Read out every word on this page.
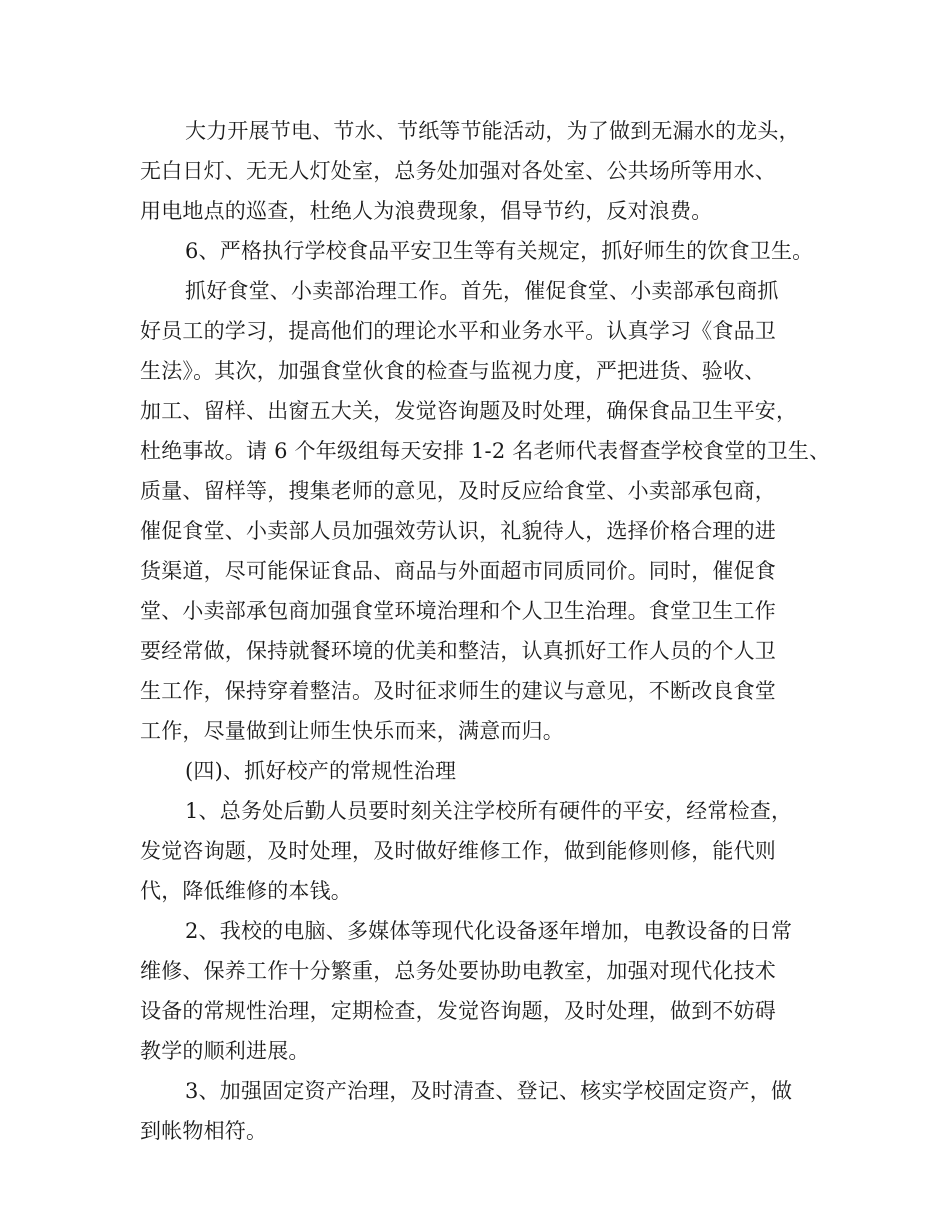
大力开展节电、节水、节纸等节能活动，为了做到无漏水的龙头，
无白日灯、无无人灯处室，总务处加强对各处室、公共场所等用水、
用电地点的巡查，杜绝人为浪费现象，倡导节约，反对浪费。
6、严格执行学校食品平安卫生等有关规定，抓好师生的饮食卫生。
抓好食堂、小卖部治理工作。首先，催促食堂、小卖部承包商抓
好员工的学习，提高他们的理论水平和业务水平。认真学习《食品卫
生法》。其次，加强食堂伙食的检查与监视力度，严把进货、验收、
加工、留样、出窗五大关，发觉咨询题及时处理，确保食品卫生平安，
杜绝事故。请 6 个年级组每天安排 1-2 名老师代表督查学校食堂的卫生、
质量、留样等，搜集老师的意见，及时反应给食堂、小卖部承包商，
催促食堂、小卖部人员加强效劳认识，礼貌待人，选择价格合理的进
货渠道，尽可能保证食品、商品与外面超市同质同价。同时，催促食
堂、小卖部承包商加强食堂环境治理和个人卫生治理。食堂卫生工作
要经常做，保持就餐环境的优美和整洁，认真抓好工作人员的个人卫
生工作，保持穿着整洁。及时征求师生的建议与意见，不断改良食堂
工作，尽量做到让师生快乐而来，满意而归。
(四)、抓好校产的常规性治理
1、总务处后勤人员要时刻关注学校所有硬件的平安，经常检查，
发觉咨询题，及时处理，及时做好维修工作，做到能修则修，能代则
代，降低维修的本钱。
2、我校的电脑、多媒体等现代化设备逐年增加，电教设备的日常
维修、保养工作十分繁重，总务处要协助电教室，加强对现代化技术
设备的常规性治理，定期检查，发觉咨询题，及时处理，做到不妨碍
教学的顺利进展。
3、加强固定资产治理，及时清查、登记、核实学校固定资产，做
到帐物相符。
